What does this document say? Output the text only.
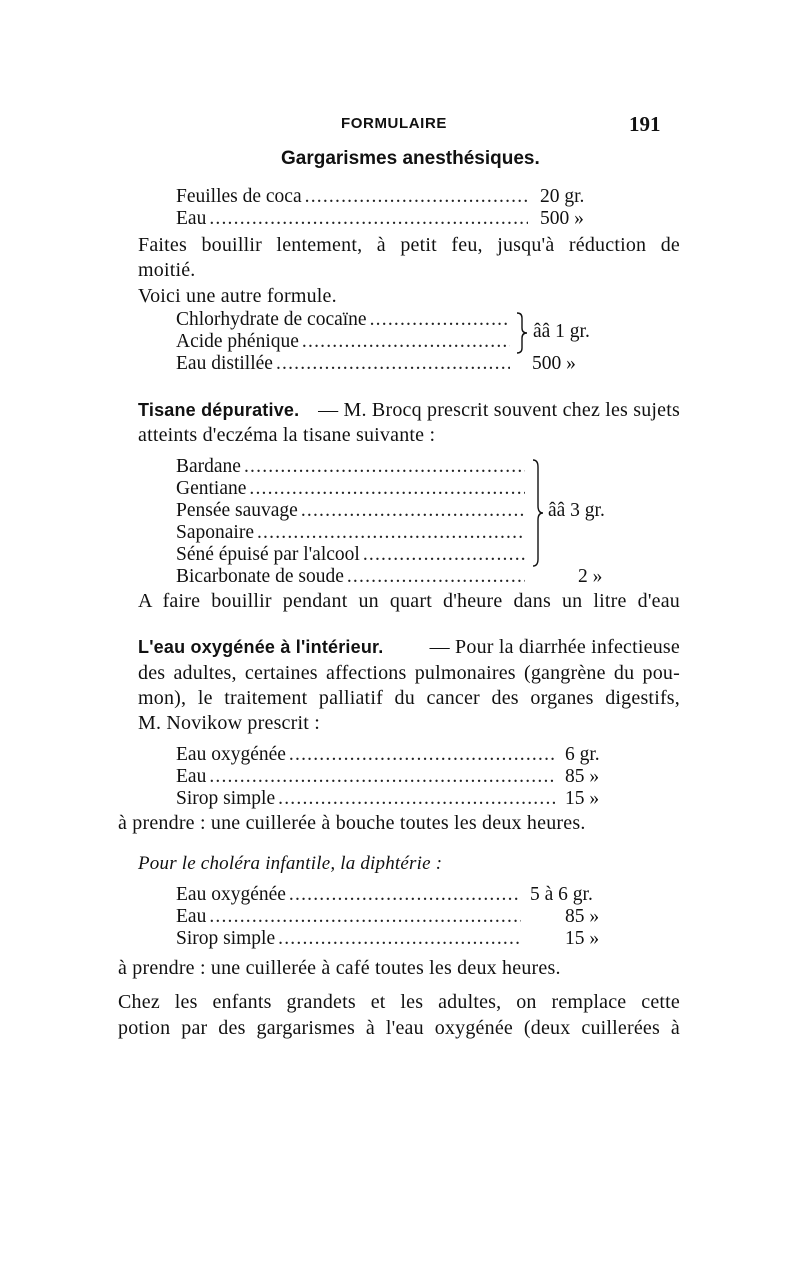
FORMULAIRE	191
Gargarismes anesthésiques.
Feuilles de coca
.....
Eau
.....
20 gr.
500 »
Faites bouillir lentement, à petit feu, jusqu'à réduction de
moitié.
Voici une autre formule.
Chlorhydrate de cocaïne
.....
Acide phénique
.....
Eau distillée
.....
ââ 1 gr.
500 »
Tisane dépurative. — M. Brocq prescrit souvent chez les sujets
atteints d'eczéma la tisane suivante :
Bardane
.....
Gentiane
.....
Pensée sauvage
.....
Saponaire
.....
Séné épuisé par l'alcool
.....
Bicarbonate de soude
.....
ââ 3 gr.
2 »
A faire bouillir pendant un quart d'heure dans un litre d'eau
L'eau oxygénée à l'intérieur. — Pour la diarrhée infectieuse
des adultes, certaines affections pulmonaires (gangrène du pou-
mon), le traitement palliatif du cancer des organes digestifs,
M. Novikow prescrit :
Eau oxygénée
.....
Eau
.....
Sirop simple
.....
6 gr.
85 »
15 »
à prendre : une cuillerée à bouche toutes les deux heures.
Pour le choléra infantile, la diphtérie :
Eau oxygénée
.....
Eau
.....
Sirop simple
.....
5 à 6 gr.
85 »
15 »
à prendre : une cuillerée à café toutes les deux heures.
Chez les enfants grandets et les adultes, on remplace cette
potion par des gargarismes à l'eau oxygénée (deux cuillerées à
